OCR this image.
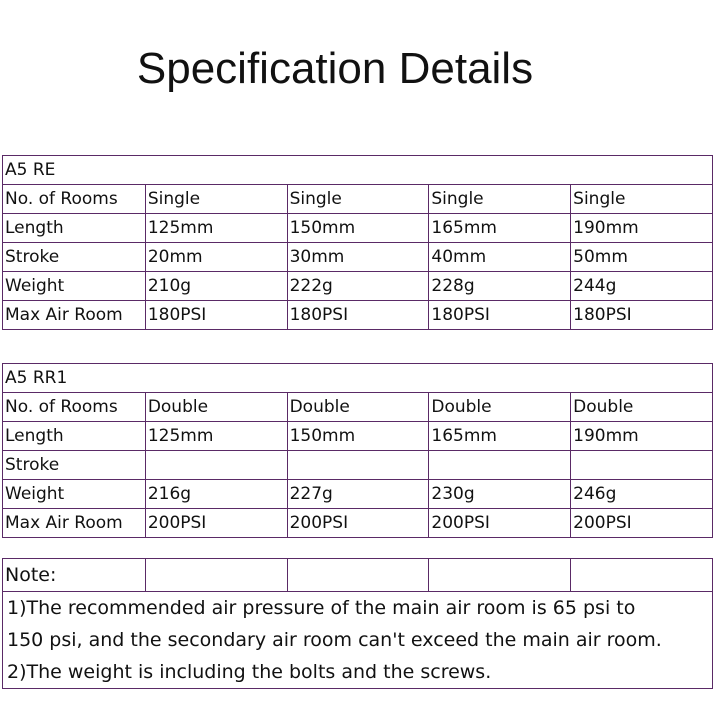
Specification Details
A5 RE				
No. of Rooms	Single	Single	Single	Single
Length	125mm	150mm	165mm	190mm
Stroke	20mm	30mm	40mm	50mm
Weight	210g	222g	228g	244g
Max Air Room	180PSI	180PSI	180PSI	180PSI
A5 RR1				
No. of Rooms	Double	Double	Double	Double
Length	125mm	150mm	165mm	190mm
Stroke				
Weight	216g	227g	230g	246g
Max Air Room	200PSI	200PSI	200PSI	200PSI
Note:				

1)The recommended air pressure of the main air room is 65 psi to
150 psi, and the secondary air room can't exceed the main air room.
2)The weight is including the bolts and the screws.
